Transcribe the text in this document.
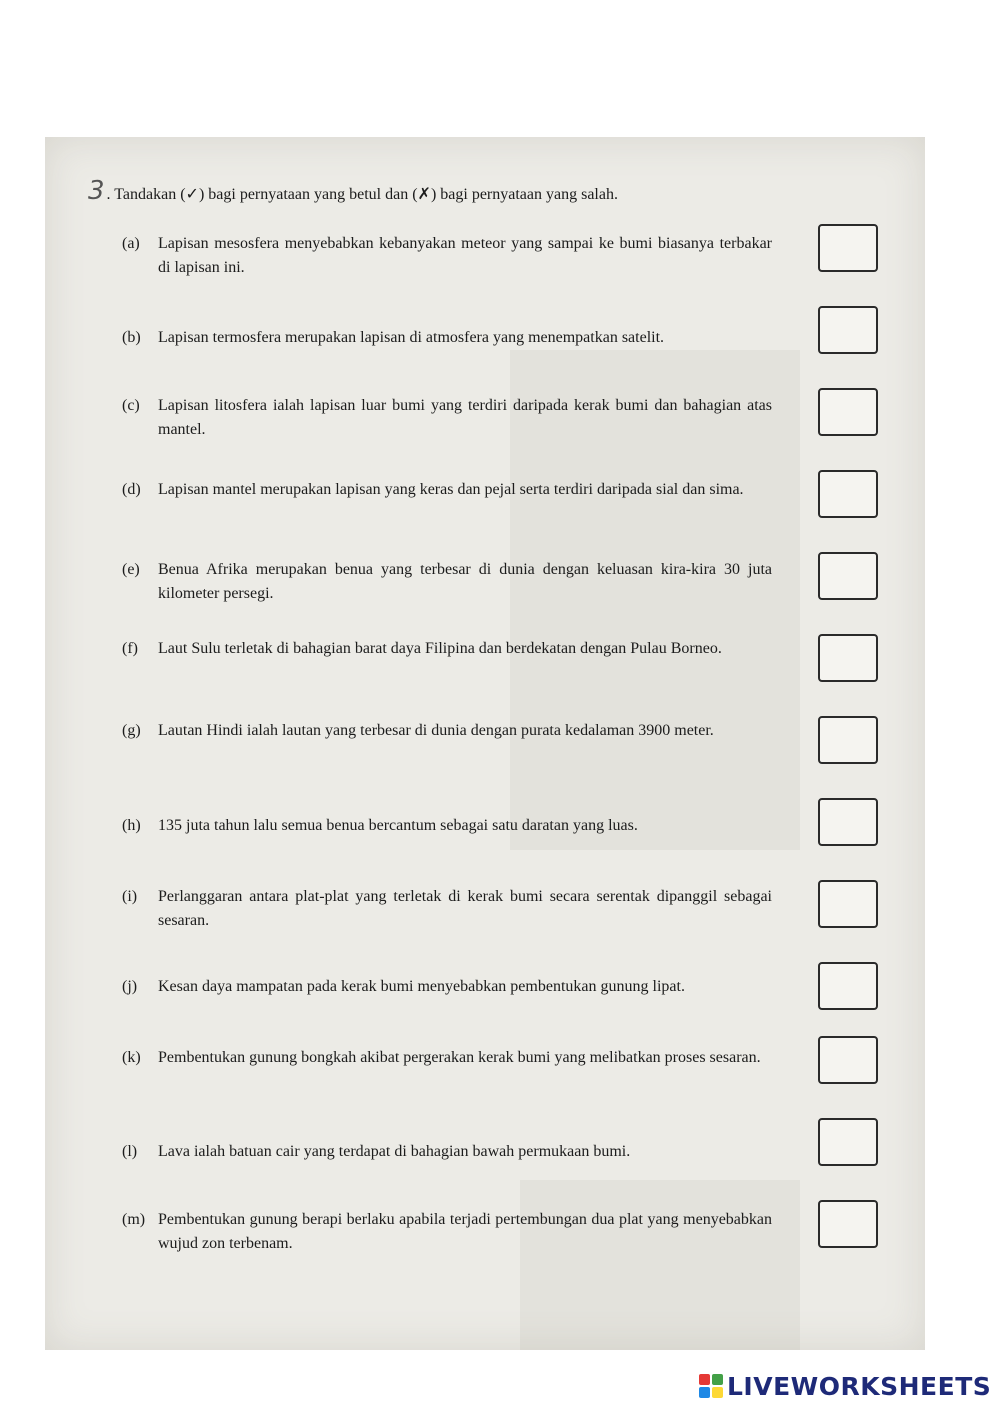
3 . Tandakan (✓) bagi pernyataan yang betul dan (✗) bagi pernyataan yang salah.
(a) Lapisan mesosfera menyebabkan kebanyakan meteor yang sampai ke bumi biasanya terbakar di lapisan ini.
(b) Lapisan termosfera merupakan lapisan di atmosfera yang menempatkan satelit.
(c) Lapisan litosfera ialah lapisan luar bumi yang terdiri daripada kerak bumi dan bahagian atas mantel.
(d) Lapisan mantel merupakan lapisan yang keras dan pejal serta terdiri daripada sial dan sima.
(e) Benua Afrika merupakan benua yang terbesar di dunia dengan keluasan kira-kira 30 juta kilometer persegi.
(f) Laut Sulu terletak di bahagian barat daya Filipina dan berdekatan dengan Pulau Borneo.
(g) Lautan Hindi ialah lautan yang terbesar di dunia dengan purata kedalaman 3900 meter.
(h) 135 juta tahun lalu semua benua bercantum sebagai satu daratan yang luas.
(i) Perlanggaran antara plat-plat yang terletak di kerak bumi secara serentak dipanggil sebagai sesaran.
(j) Kesan daya mampatan pada kerak bumi menyebabkan pembentukan gunung lipat.
(k) Pembentukan gunung bongkah akibat pergerakan kerak bumi yang melibatkan proses sesaran.
(l) Lava ialah batuan cair yang terdapat di bahagian bawah permukaan bumi.
(m) Pembentukan gunung berapi berlaku apabila terjadi pertembungan dua plat yang menyebabkan wujud zon terbenam.
LIVEWORKSHEETS
